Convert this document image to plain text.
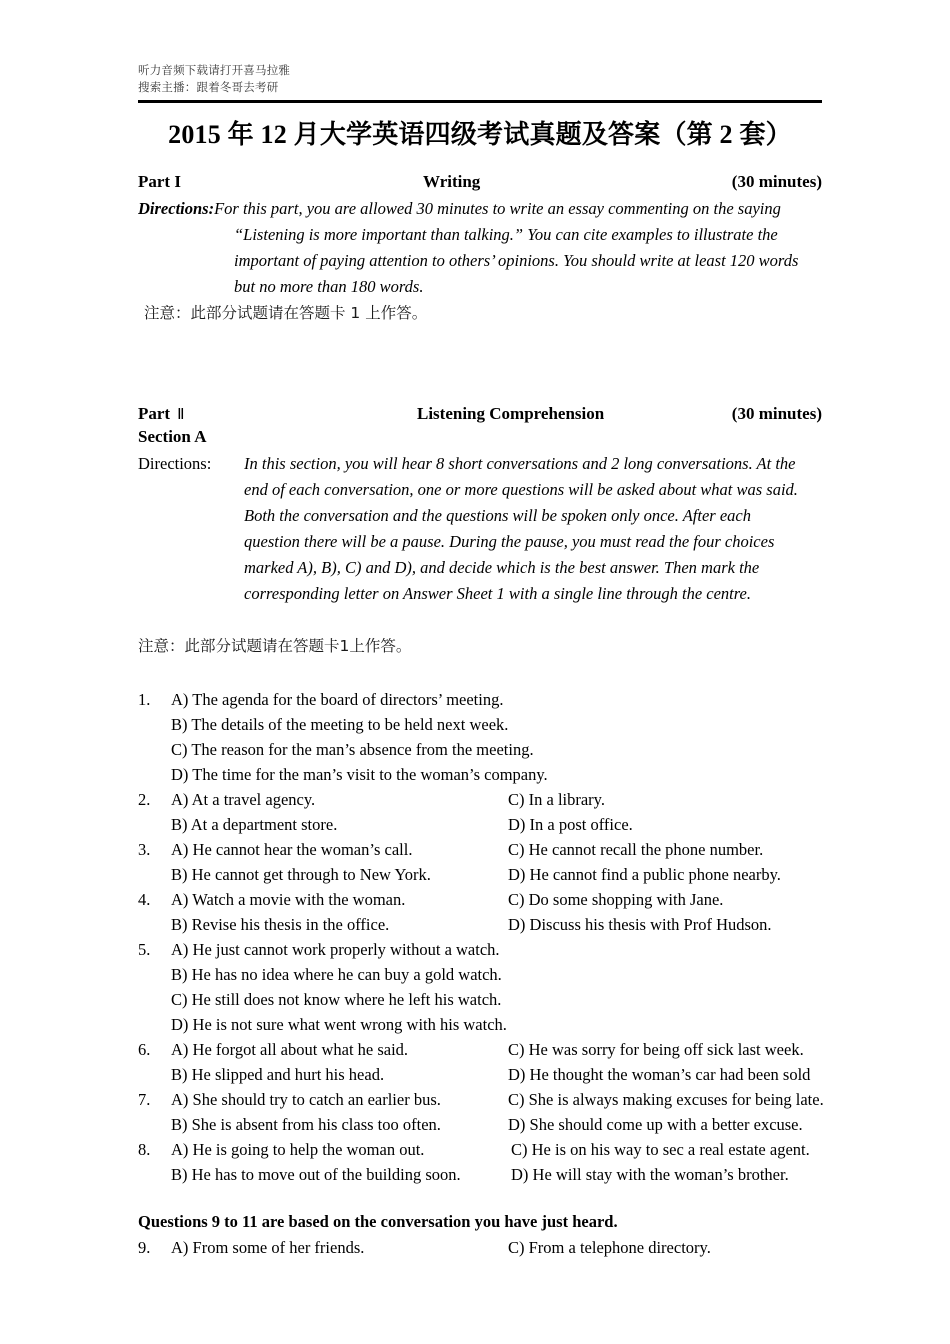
听力音频下载请打开喜马拉雅
搜索主播：跟着冬哥去考研
2015 年 12 月大学英语四级考试真题及答案（第 2 套）
Part I	Writing	(30 minutes)
Directions: For this part, you are allowed 30 minutes to write an essay commenting on the saying
“Listening is more important than talking.” You can cite examples to illustrate the
important of paying attention to others’ opinions. You should write at least 120 words
but no more than 180 words.
注意：此部分试题请在答题卡 1 上作答。
Part Ⅱ	Listening Comprehension	(30 minutes)
Section A
Directions:	In this section, you will hear 8 short conversations and 2 long conversations. At the
end of each conversation, one or more questions will be asked about what was said.
Both the conversation and the questions will be spoken only once. After each
question there will be a pause. During the pause, you must read the four choices
marked A), B), C) and D), and decide which is the best answer. Then mark the
corresponding letter on Answer Sheet 1 with a single line through the centre.
注意：此部分试题请在答题卡1上作答。
1.	A) The agenda for the board of directors’ meeting.
B) The details of the meeting to be held next week.
C) The reason for the man’s absence from the meeting.
D) The time for the man’s visit to the woman’s company.
2.	A) At a travel agency.	C) In a library.
B) At a department store.	D) In a post office.
3.	A) He cannot hear the woman’s call.	C) He cannot recall the phone number.
B) He cannot get through to New York.	D) He cannot find a public phone nearby.
4.	A) Watch a movie with the woman.	C) Do some shopping with Jane.
B) Revise his thesis in the office.	D) Discuss his thesis with Prof Hudson.
5.	A) He just cannot work properly without a watch.
B) He has no idea where he can buy a gold watch.
C) He still does not know where he left his watch.
D) He is not sure what went wrong with his watch.
6.	A) He forgot all about what he said.	C) He was sorry for being off sick last week.
B) He slipped and hurt his head.	D) He thought the woman’s car had been sold
7.	A) She should try to catch an earlier bus.	C) She is always making excuses for being late.
B) She is absent from his class too often.	D) She should come up with a better excuse.
8.	A) He is going to help the woman out.	C) He is on his way to sec a real estate agent.
B) He has to move out of the building soon.	D) He will stay with the woman’s brother.
Questions 9 to 11 are based on the conversation you have just heard.
9.	A) From some of her friends.	C) From a telephone directory.
